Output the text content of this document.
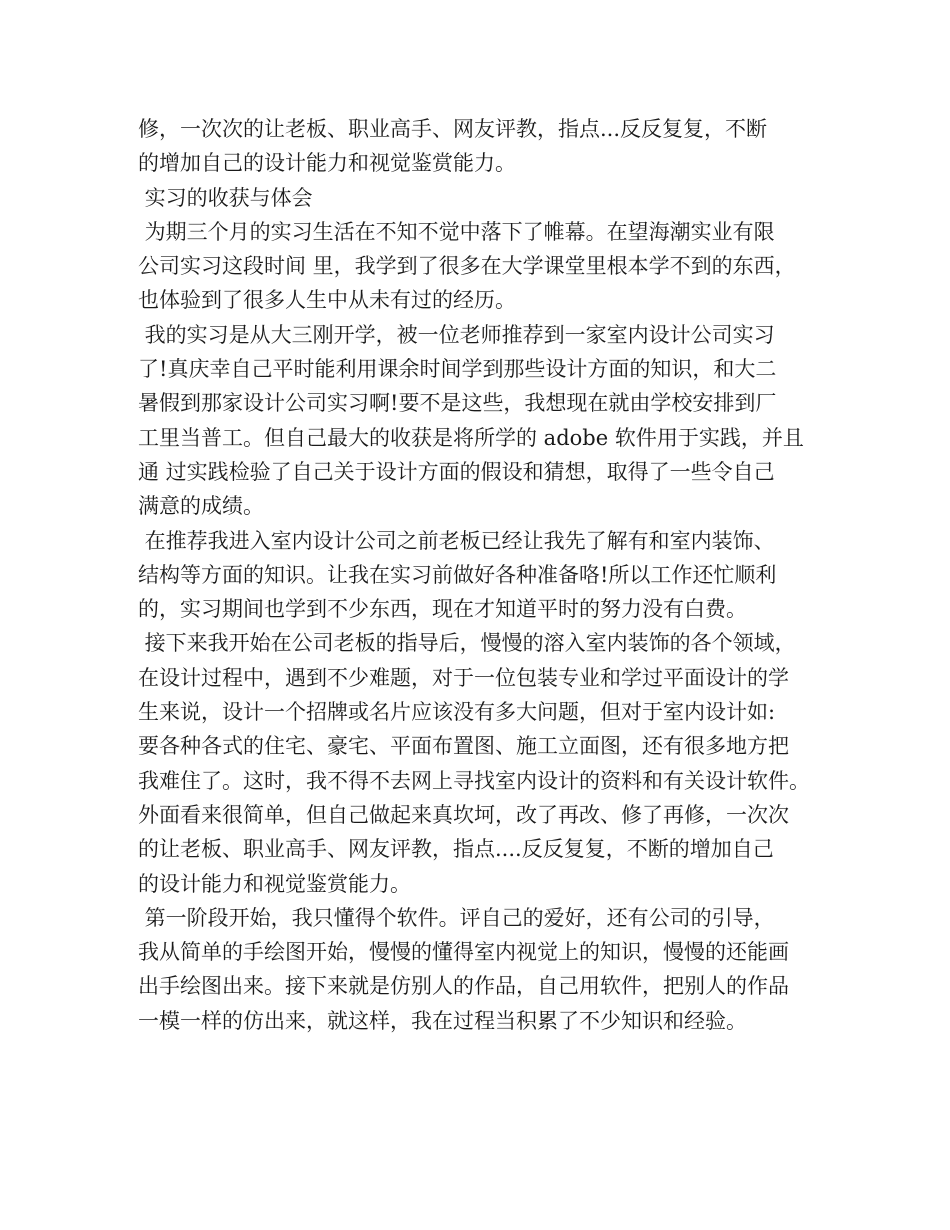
修，一次次的让老板、职业高手、网友评教，指点...反反复复，不断
的增加自己的设计能力和视觉鉴赏能力。
实习的收获与体会
为期三个月的实习生活在不知不觉中落下了帷幕。在望海潮实业有限
公司实习这段时间 里，我学到了很多在大学课堂里根本学不到的东西，
也体验到了很多人生中从未有过的经历。
我的实习是从大三刚开学，被一位老师推荐到一家室内设计公司实习
了!真庆幸自己平时能利用课余时间学到那些设计方面的知识，和大二
暑假到那家设计公司实习啊!要不是这些，我想现在就由学校安排到厂
工里当普工。但自己最大的收获是将所学的 adobe 软件用于实践，并且
通 过实践检验了自己关于设计方面的假设和猜想，取得了一些令自己
满意的成绩。
在推荐我进入室内设计公司之前老板已经让我先了解有和室内装饰、
结构等方面的知识。让我在实习前做好各种准备咯!所以工作还忙顺利
的，实习期间也学到不少东西，现在才知道平时的努力没有白费。
接下来我开始在公司老板的指导后，慢慢的溶入室内装饰的各个领域，
在设计过程中，遇到不少难题，对于一位包装专业和学过平面设计的学
生来说，设计一个招牌或名片应该没有多大问题，但对于室内设计如:
要各种各式的住宅、豪宅、平面布置图、施工立面图，还有很多地方把
我难住了。这时，我不得不去网上寻找室内设计的资料和有关设计软件。
外面看来很简单，但自己做起来真坎坷，改了再改、修了再修，一次次
的让老板、职业高手、网友评教，指点....反反复复，不断的增加自己
的设计能力和视觉鉴赏能力。
第一阶段开始，我只懂得个软件。评自己的爱好，还有公司的引导，
我从简单的手绘图开始，慢慢的懂得室内视觉上的知识，慢慢的还能画
出手绘图出来。接下来就是仿别人的作品，自己用软件，把别人的作品
一模一样的仿出来，就这样，我在过程当积累了不少知识和经验。
